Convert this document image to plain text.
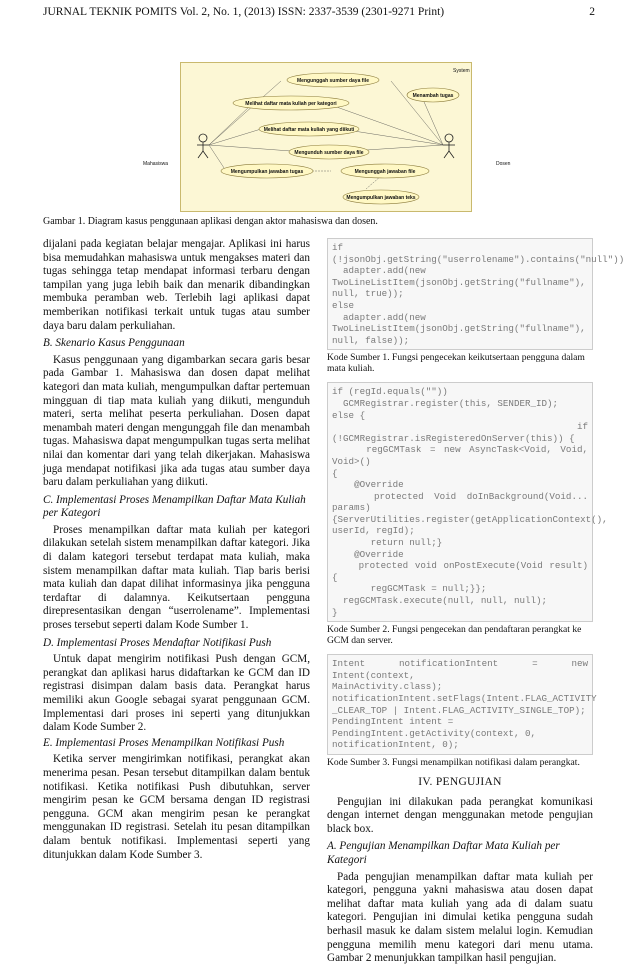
JURNAL TEKNIK POMITS Vol. 2, No. 1, (2013) ISSN: 2337-3539 (2301-9271 Print)	2
System
Mahasiswa	Dosen
Mengunggah sumber daya file
Menambah tugas
Melihat daftar mata kuliah per kategori
Melihat daftar mata kuliah yang diikuti
Mengunduh sumber daya file
Mengumpulkan jawaban tugas	Mengunggah jawaban file
Mengumpulkan jawaban teks
Gambar 1. Diagram kasus penggunaan aplikasi dengan aktor mahasiswa dan dosen.

dijalani pada kegiatan belajar mengajar. Aplikasi ini harus bisa memudahkan mahasiswa untuk mengakses materi dan tugas sehingga tetap mendapat informasi terbaru dengan tampilan yang juga lebih baik dan menarik dibandingkan membuka peramban web. Terlebih lagi aplikasi dapat memberikan notifikasi terkait untuk tugas atau sumber daya baru dalam perkuliahan.

B. Skenario Kasus Penggunaan

Kasus penggunaan yang digambarkan secara garis besar pada Gambar 1. Mahasiswa dan dosen dapat melihat kategori dan mata kuliah, mengumpulkan daftar pertemuan mingguan di tiap mata kuliah yang diikuti, mengunduh materi, serta melihat peserta perkuliahan. Dosen dapat menambah materi dengan mengunggah file dan menambah tugas. Mahasiswa dapat mengumpulkan tugas serta melihat nilai dan komentar dari yang telah dikerjakan. Mahasiswa juga mendapat notifikasi jika ada tugas atau sumber daya baru dalam perkuliahan yang diikuti.

C. Implementasi Proses Menampilkan Daftar Mata Kuliah per Kategori

Proses menampilkan daftar mata kuliah per kategori dilakukan setelah sistem menampilkan daftar kategori. Jika di dalam kategori tersebut terdapat mata kuliah, maka sistem menampilkan daftar mata kuliah. Tiap baris berisi mata kuliah dan dapat dilihat informasinya jika pengguna terdaftar di dalamnya. Keikutsertaan pengguna direpresentasikan dengan “userrolename”. Implementasi proses tersebut seperti dalam Kode Sumber 1.

D. Implementasi Proses Mendaftar Notifikasi Push

Untuk dapat mengirim notifikasi Push dengan GCM, perangkat dan aplikasi harus didaftarkan ke GCM dan ID registrasi disimpan dalam basis data. Perangkat harus memiliki akun Google sebagai syarat penggunaan GCM. Implementasi dari proses ini seperti yang ditunjukkan dalam Kode Sumber 2.

E. Implementasi Proses Menampilkan Notifikasi Push

Ketika server mengirimkan notifikasi, perangkat akan menerima pesan. Pesan tersebut ditampilkan dalam bentuk notifikasi. Ketika notifikasi Push dibutuhkan, server mengirim pesan ke GCM bersama dengan ID registrasi pengguna. GCM akan mengirim pesan ke perangkat menggunakan ID registrasi. Setelah itu pesan ditampilkan dalam bentuk notifikasi. Implementasi seperti yang ditunjukkan dalam Kode Sumber 3.

if
(!jsonObj.getString("userrolename").contains("null"))
adapter.add(new
TwoLineListItem(jsonObj.getString("fullname"),
null, true));
else
adapter.add(new
TwoLineListItem(jsonObj.getString("fullname"),
null, false));
Kode Sumber 1. Fungsi pengecekan keikutsertaan pengguna dalam mata kuliah.
if (regId.equals(""))
GCMRegistrar.register(this, SENDER_ID);
else {
if (!GCMRegistrar.isRegisteredOnServer(this)) {
regGCMTask = new AsyncTask<Void, Void, Void>()
{
@Override
protected Void doInBackground(Void... params)
{ServerUtilities.register(getApplicationContext(),
userId, regId);
return null;}
@Override
protected void onPostExecute(Void result) {
regGCMTask = null;}};
regGCMTask.execute(null, null, null);
}
Kode Sumber 2. Fungsi pengecekan dan pendaftaran perangkat ke GCM dan server.
Intent notificationIntent = new Intent(context,
MainActivity.class);
notificationIntent.setFlags(Intent.FLAG_ACTIVITY
_CLEAR_TOP | Intent.FLAG_ACTIVITY_SINGLE_TOP);
PendingIntent intent =
PendingIntent.getActivity(context, 0,
notificationIntent, 0);
Kode Sumber 3. Fungsi menampilkan notifikasi dalam perangkat.
IV. PENGUJIAN

Pengujian ini dilakukan pada perangkat komunikasi dengan internet dengan menggunakan metode pengujian black box.

A. Pengujian Menampilkan Daftar Mata Kuliah per Kategori

Pada pengujian menampilkan daftar mata kuliah per kategori, pengguna yakni mahasiswa atau dosen dapat melihat daftar mata kuliah yang ada di dalam suatu kategori. Pengujian ini dimulai ketika pengguna sudah berhasil masuk ke dalam sistem melalui login. Kemudian pengguna memilih menu kategori dari menu utama. Gambar 2 menunjukkan tampilkan hasil pengujian.
